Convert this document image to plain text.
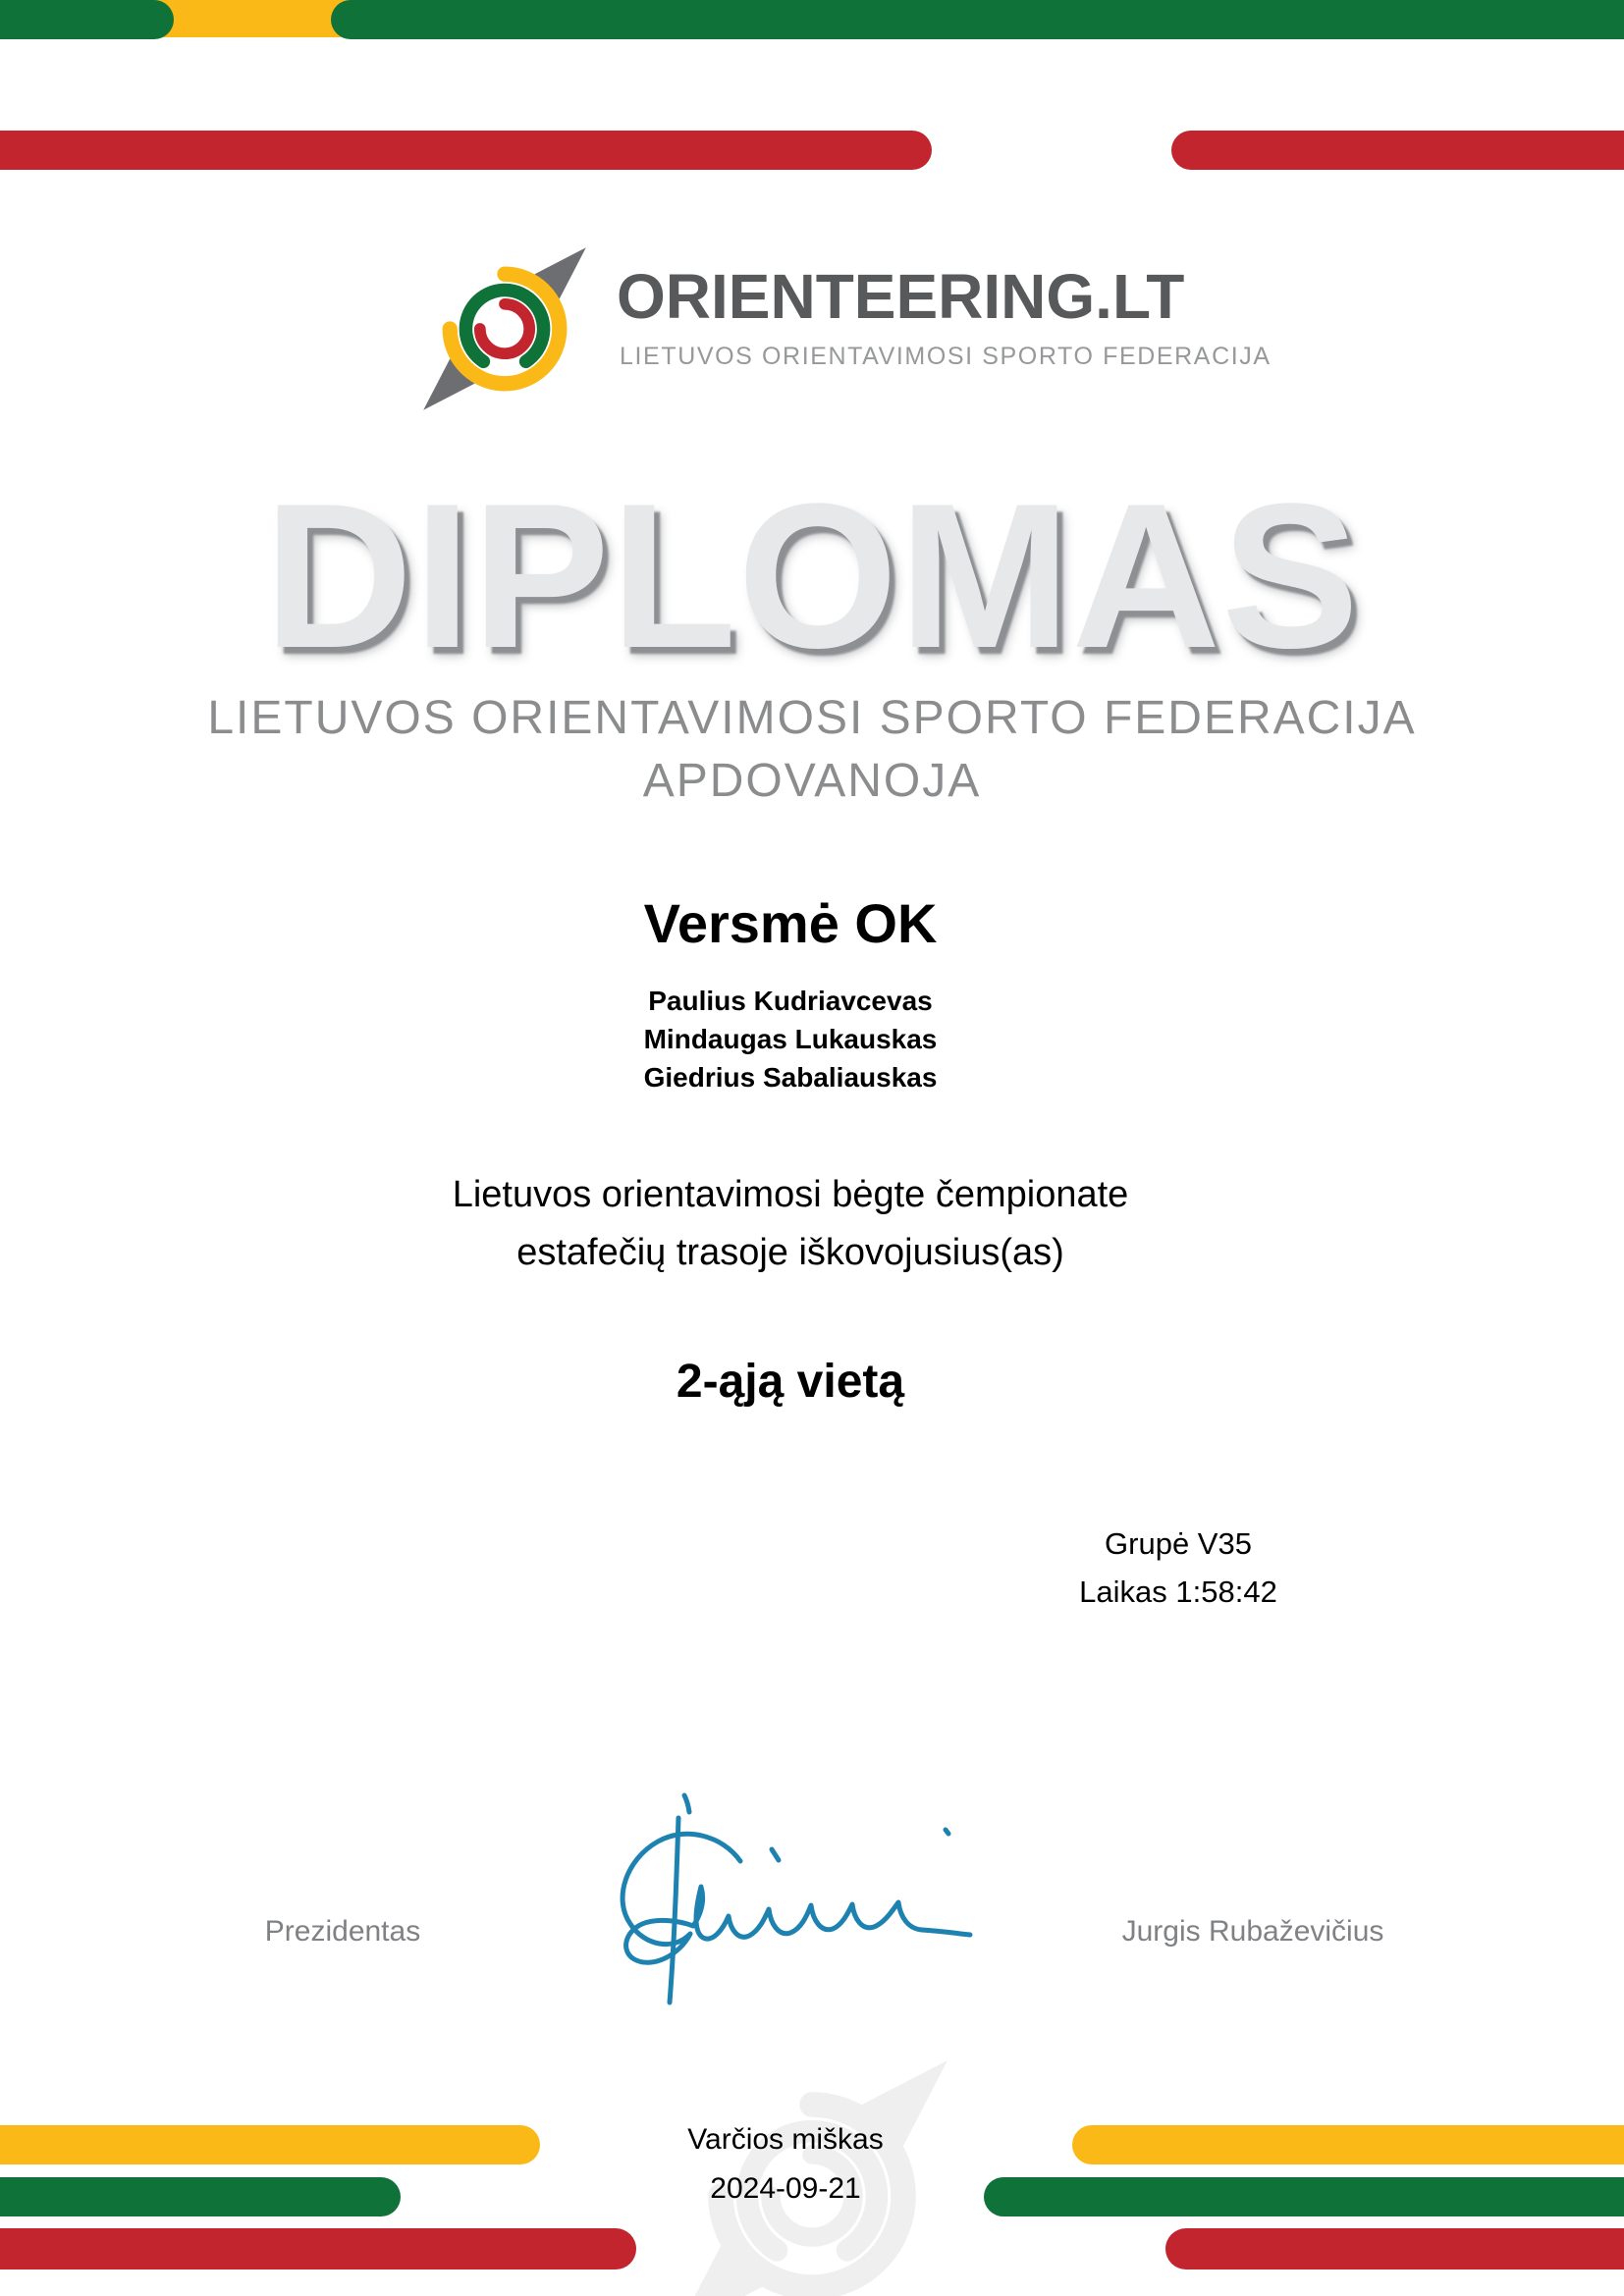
ORIENTEERING.LT
LIETUVOS ORIENTAVIMOSI SPORTO FEDERACIJA
DIPLOMAS
LIETUVOS ORIENTAVIMOSI SPORTO FEDERACIJA
APDOVANOJA
Versmė OK
Paulius Kudriavcevas
Mindaugas Lukauskas
Giedrius Sabaliauskas
Lietuvos orientavimosi bėgte čempionate
estafečių trasoje iškovojusius(as)
2-ąją vietą
Grupė V35
Laikas 1:58:42
Prezidentas	Jurgis Rubaževičius
Varčios miškas
2024-09-21
